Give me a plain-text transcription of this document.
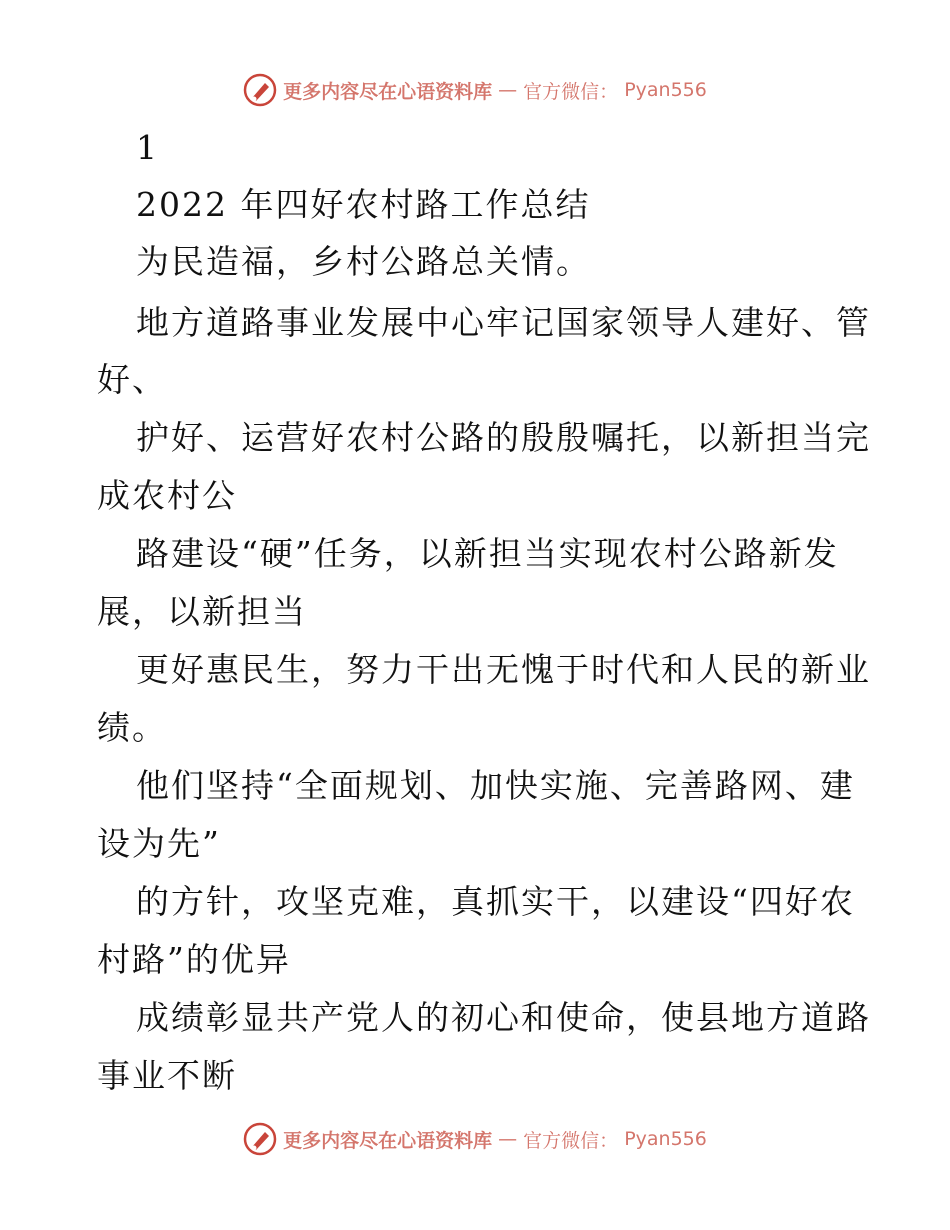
更多内容尽在心语资料库 — 官方微信： Pyan556
1
2022 年四好农村路工作总结
为民造福，乡村公路总关情。
地方道路事业发展中心牢记国家领导人建好、管
好、
护好、运营好农村公路的殷殷嘱托，以新担当完
成农村公
路建设“硬”任务，以新担当实现农村公路新发
展，以新担当
更好惠民生，努力干出无愧于时代和人民的新业
绩。
他们坚持“全面规划、加快实施、完善路网、建
设为先”
的方针，攻坚克难，真抓实干，以建设“四好农
村路”的优异
成绩彰显共产党人的初心和使命，使县地方道路
事业不断
更多内容尽在心语资料库 — 官方微信： Pyan556
